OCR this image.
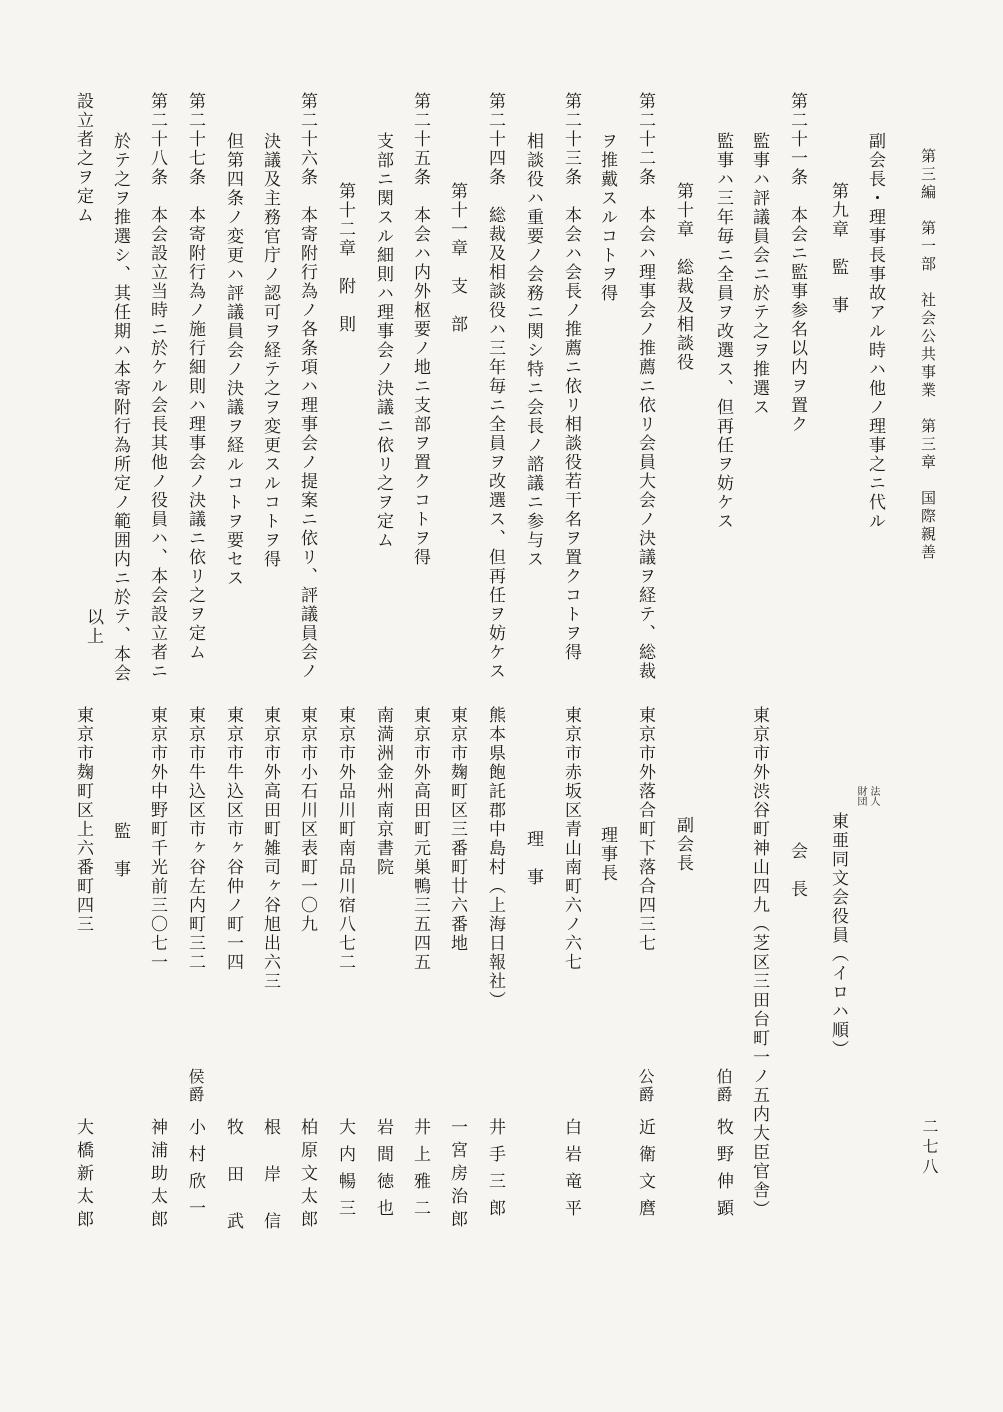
第三編　第一部　社会公共事業　第三章　国際親善
二七八
副会長・理事長事故アル時ハ他ノ理事之ニ代ル
第九章　監　事
第二十一条　本会ニ監事参名以内ヲ置ク
監事ハ評議員会ニ於テ之ヲ推選ス
監事ハ三年毎ニ全員ヲ改選ス、但再任ヲ妨ケス
第十章　総裁及相談役
第二十二条　本会ハ理事会ノ推薦ニ依リ会員大会ノ決議ヲ経テ、総裁
ヲ推戴スルコトヲ得
第二十三条　本会ハ会長ノ推薦ニ依リ相談役若干名ヲ置クコトヲ得
相談役ハ重要ノ会務ニ関シ特ニ会長ノ諮議ニ参与ス
第二十四条　総裁及相談役ハ三年毎ニ全員ヲ改選ス、但再任ヲ妨ケス
第十一章　支　部
第二十五条　本会ハ内外枢要ノ地ニ支部ヲ置クコトヲ得
支部ニ関スル細則ハ理事会ノ決議ニ依リ之ヲ定ム
第十二章　附　則
第二十六条　本寄附行為ノ各条項ハ理事会ノ提案ニ依リ、評議員会ノ
決議及主務官庁ノ認可ヲ経テ之ヲ変更スルコトヲ得
但第四条ノ変更ハ評議員会ノ決議ヲ経ルコトヲ要セス
第二十七条　本寄附行為ノ施行細則ハ理事会ノ決議ニ依リ之ヲ定ム
第二十八条　本会設立当時ニ於ケル会長其他ノ役員ハ、本会設立者ニ
於テ之ヲ推選シ、其任期ハ本寄附行為所定ノ範囲内ニ於テ、本会
設立者之ヲ定ム
以上
財団 法人
東亜同文会役員（イロハ順）
会　長
東京市外渋谷町神山四九（芝区三田台町一ノ五内大臣官舎）
伯爵
牧野伸顕
副会長
東京市外落合町下落合四三七
公爵
近衛文麿
理事長
東京市赤坂区青山南町六ノ六七
白岩竜平
理　事
熊本県飽託郡中島村（上海日報社）
井手三郎
東京市麹町区三番町廿六番地
一宮房治郎
東京市外高田町元巣鴨三五四五
井上雅二
南満洲金州南京書院
岩間徳也
東京市外品川町南品川宿八七二
大内暢三
東京市小石川区表町一〇九
柏原文太郎
東京市外高田町雑司ヶ谷旭出六三
根岸信
東京市牛込区市ヶ谷仲ノ町一四
牧田武
東京市牛込区市ヶ谷左内町三二
侯爵
小村欣一
東京市外中野町千光前三〇七一
神浦助太郎
監　事
東京市麹町区上六番町四三
大橋新太郎
